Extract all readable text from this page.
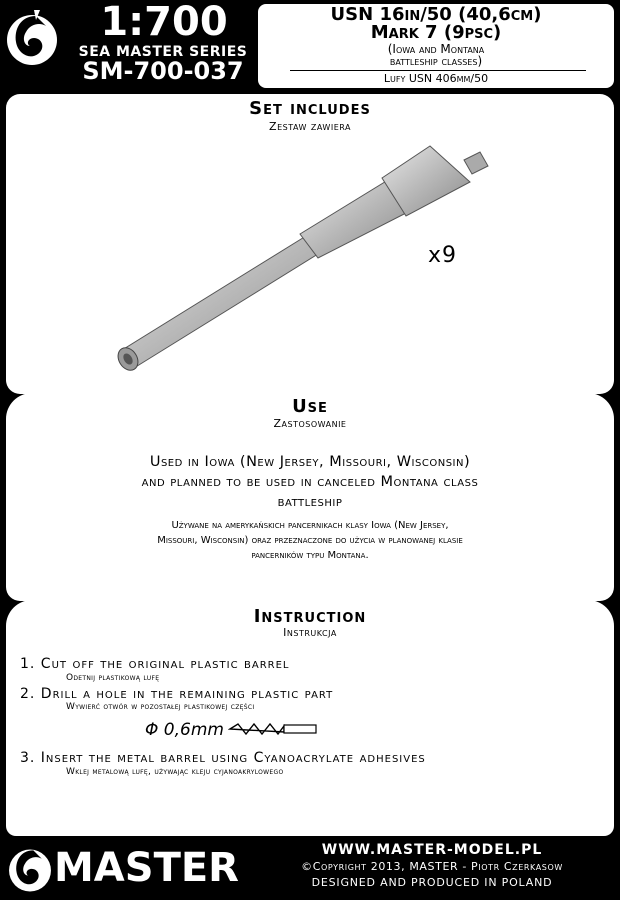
1:700
SEA MASTER SERIES
SM-700-037
USN 16in/50 (40,6cm)
Mark 7 (9psc)
(Iowa and Montana
battleship classes)
Lufy USN 406mm/50
Set includes
Zestaw zawiera
x9
Use
Zastosowanie
Used in Iowa (New Jersey, Missouri, Wisconsin)
and planned to be used in canceled Montana class
battleship
Używane na amerykańskich pancernikach klasy Iowa (New Jersey,
Missouri, Wisconsin) oraz przeznaczone do użycia w planowanej klasie
pancerników typu Montana.
Instruction
Instrukcja
1. Cut off the original plastic barrel
Odetnij plastikową lufę
2. Drill a hole in the remaining plastic part
Wywierć otwór w pozostałej plastikowej części
Φ 0,6mm
3. Insert the metal barrel using Cyanoacrylate adhesives
Wklej metalową lufę, używając kleju cyjanoakrylowego
MASTER	WWW.MASTER-MODEL.PL
©Copyright 2013, MASTER - Piotr Czerkasow
DESIGNED AND PRODUCED IN POLAND
